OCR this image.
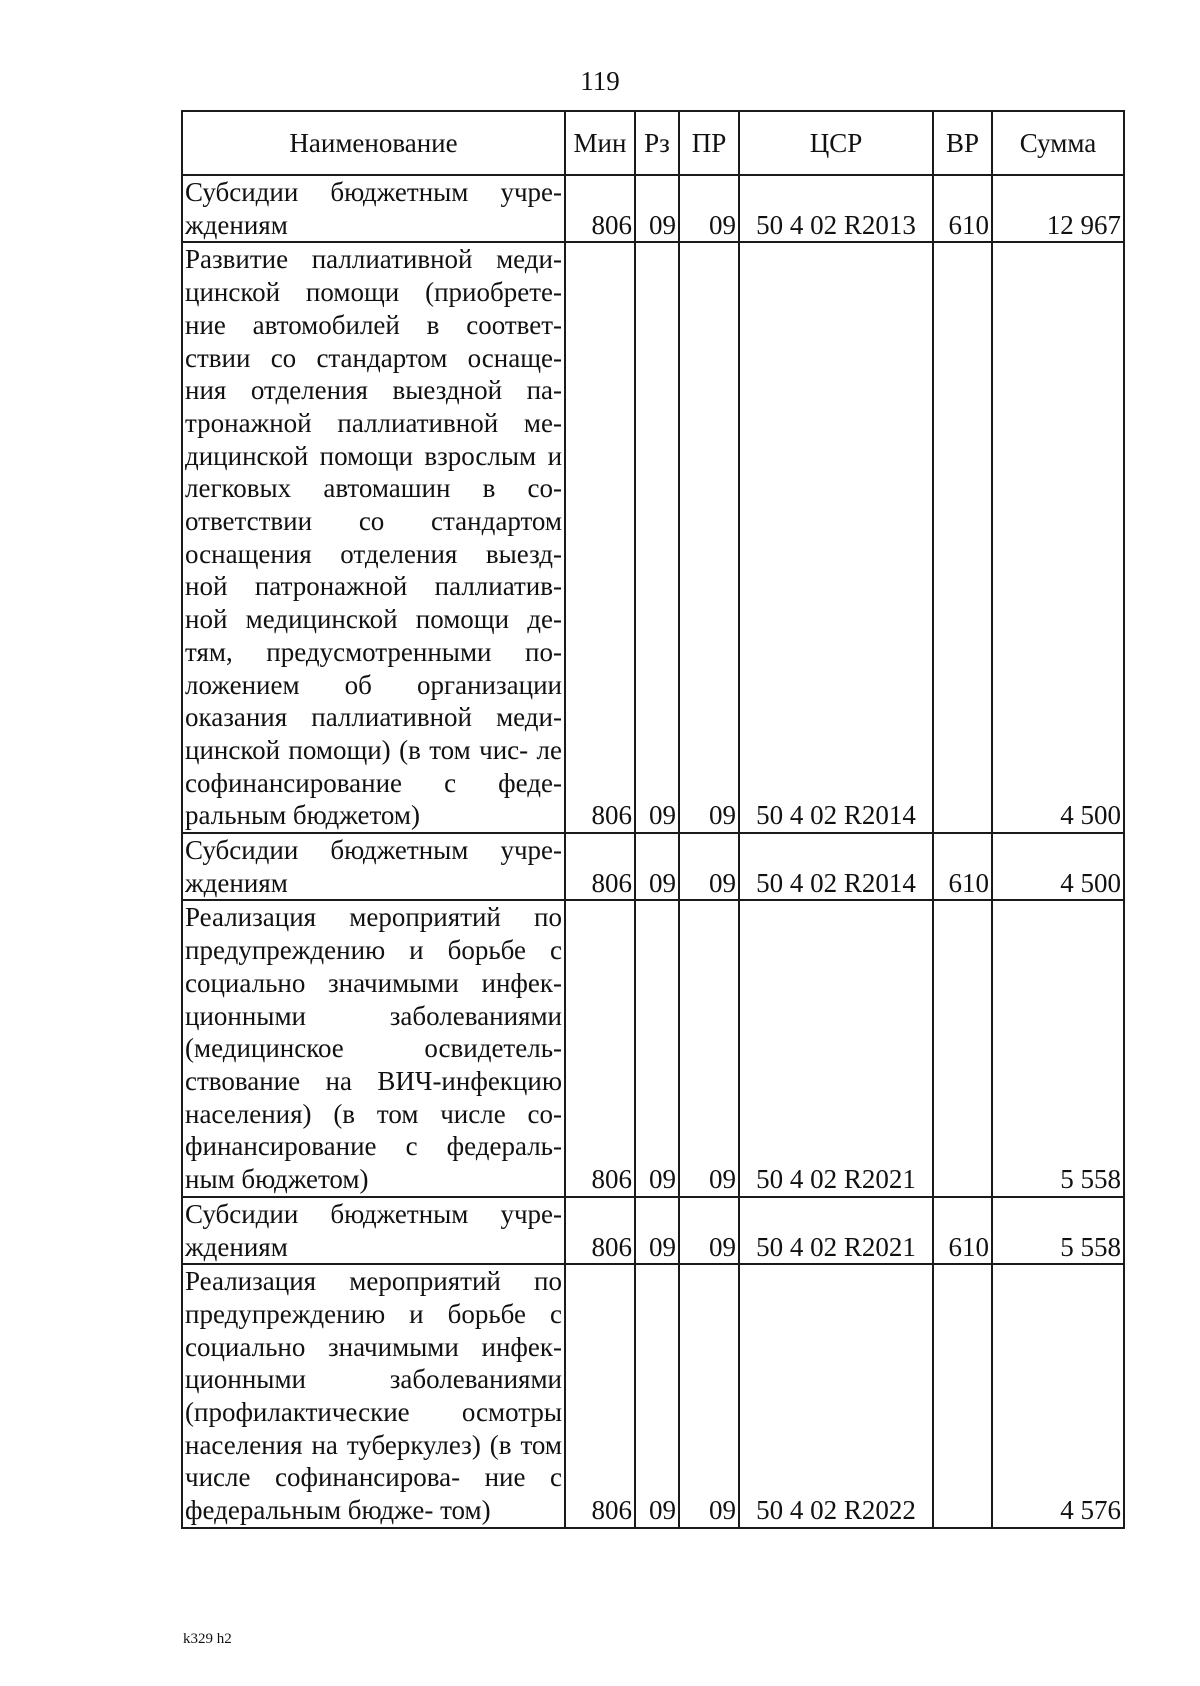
119
Наименование	Мин	Рз	ПР	ЦСР	ВР	Сумма
Субсидии бюджетным учре- ждениям	806	09	09	50 4 02 R2013	610	12 967
Развитие паллиативной меди- цинской помощи (приобрете- ние автомобилей в соответ- ствии со стандартом оснаще- ния отделения выездной па- тронажной паллиативной ме- дицинской помощи взрослым и легковых автомашин в со- ответствии со стандартом оснащения отделения выезд- ной патронажной паллиатив- ной медицинской помощи де- тям, предусмотренными по- ложением об организации оказания паллиативной меди- цинской помощи) (в том чис- ле софинансирование с феде- ральным бюджетом)	806	09	09	50 4 02 R2014		4 500
Субсидии бюджетным учре- ждениям	806	09	09	50 4 02 R2014	610	4 500
Реализация мероприятий по предупреждению и борьбе с социально значимыми инфек- ционными заболеваниями (медицинское освидетель- ствование на ВИЧ-инфекцию населения) (в том числе со- финансирование с федераль- ным бюджетом)	806	09	09	50 4 02 R2021		5 558
Субсидии бюджетным учре- ждениям	806	09	09	50 4 02 R2021	610	5 558
Реализация мероприятий по предупреждению и борьбе с социально значимыми инфек- ционными заболеваниями (профилактические осмотры населения на туберкулез) (в том числе софинансирова- ние с федеральным бюдже- том)	806	09	09	50 4 02 R2022		4 576
k329 h2
